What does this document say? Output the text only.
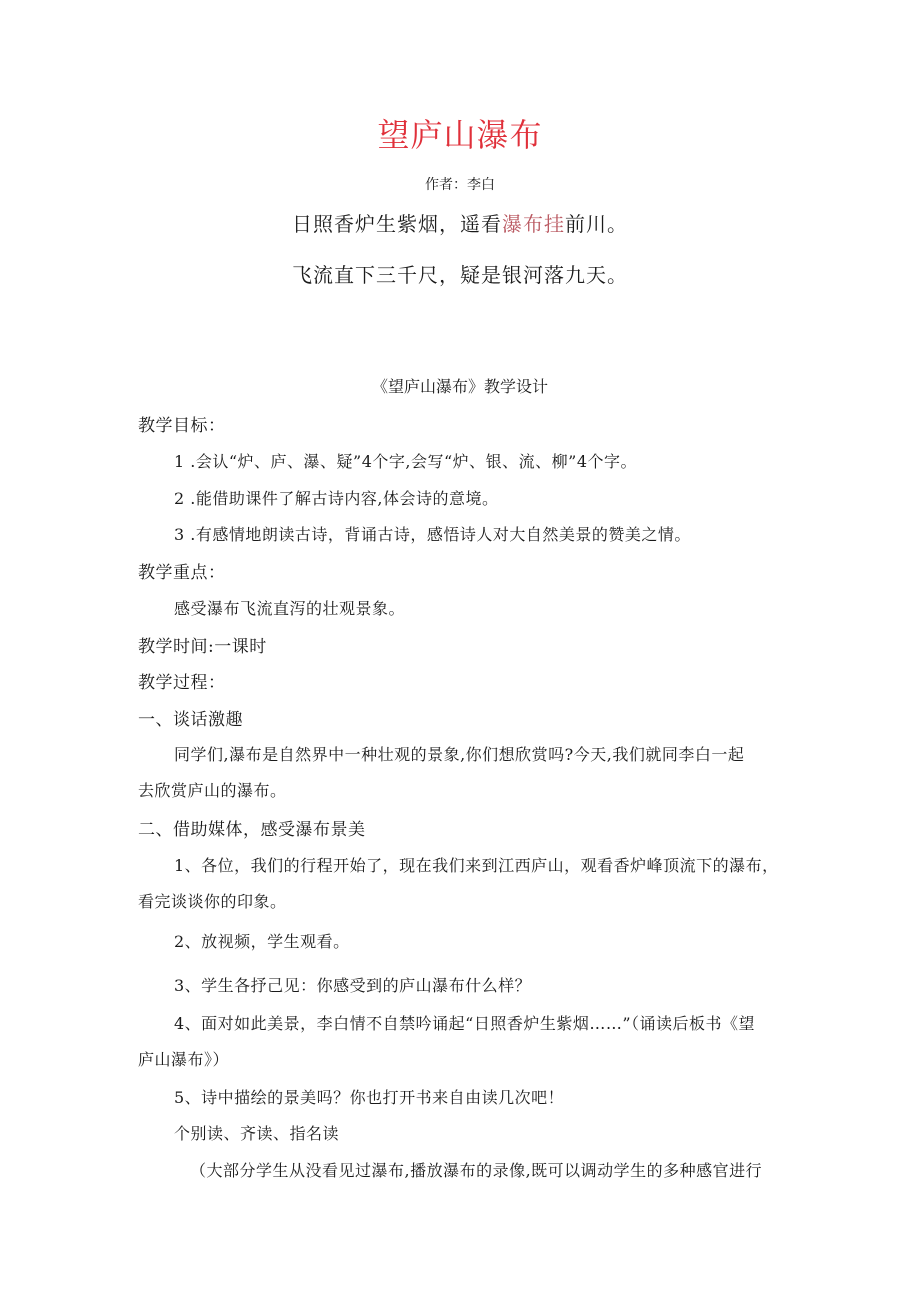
望庐山瀑布
作者：李白
日照香炉生紫烟，遥看瀑布挂前川。
飞流直下三千尺，疑是银河落九天。
《望庐山瀑布》教学设计
教学目标：
1 .会认“炉、庐、瀑、疑”4个字,会写“炉、银、流、柳”4个字。
2 .能借助课件了解古诗内容,体会诗的意境。
3 .有感情地朗读古诗，背诵古诗，感悟诗人对大自然美景的赞美之情。
教学重点：
感受瀑布飞流直泻的壮观景象。
教学时间:一课时
教学过程：
一、谈话激趣
同学们,瀑布是自然界中一种壮观的景象,你们想欣赏吗?今天,我们就同李白一起
去欣赏庐山的瀑布。
二、借助媒体，感受瀑布景美
1、各位，我们的行程开始了，现在我们来到江西庐山，观看香炉峰顶流下的瀑布，
看完谈谈你的印象。
2、放视频，学生观看。
3、学生各抒己见：你感受到的庐山瀑布什么样？
4、面对如此美景，李白情不自禁吟诵起“日照香炉生紫烟……”（诵读后板书《望
庐山瀑布》）
5、诗中描绘的景美吗？你也打开书来自由读几次吧！
个别读、齐读、指名读
（大部分学生从没看见过瀑布,播放瀑布的录像,既可以调动学生的多种感官进行
